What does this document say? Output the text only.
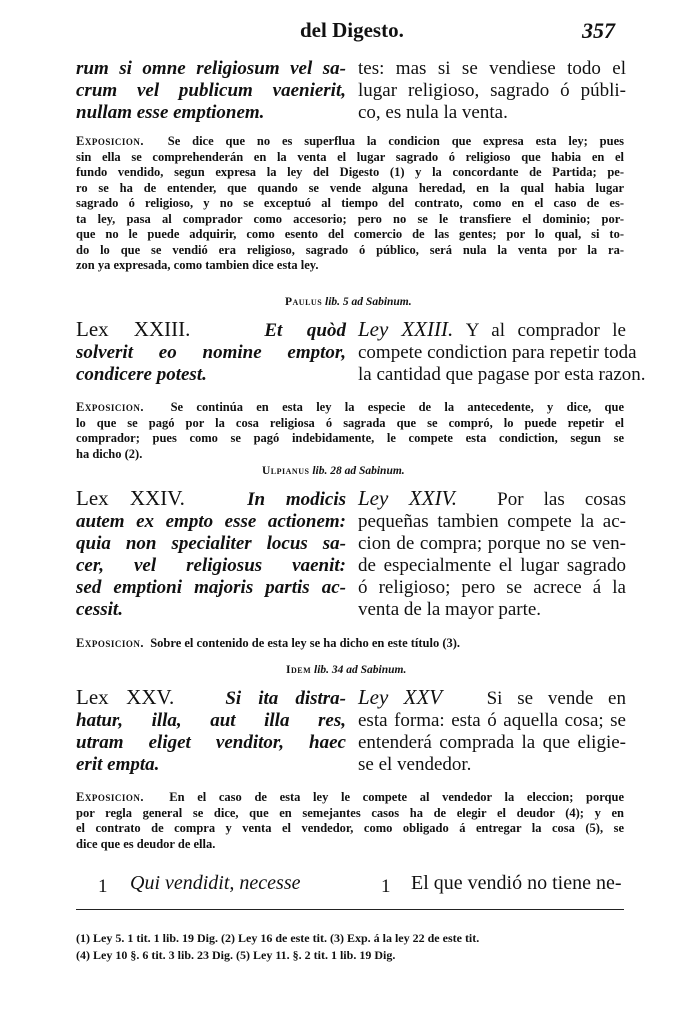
del Digesto.	357
rum si omne religiosum vel sa-
crum vel publicum vaenierit,
nullam esse emptionem.
tes: mas si se vendiese todo el
lugar religioso, sagrado ó públi-
co, es nula la venta.
Exposicion. Se dice que no es superflua la condicion que expresa esta ley; pues
sin ella se comprehenderán en la venta el lugar sagrado ó religioso que habia en el
fundo vendido, segun expresa la ley del Digesto (1) y la concordante de Partida; pe-
ro se ha de entender, que quando se vende alguna heredad, en la qual habia lugar
sagrado ó religioso, y no se exceptuó al tiempo del contrato, como en el caso de es-
ta ley, pasa al comprador como accesorio; pero no se le transfiere el dominio; por-
que no le puede adquirir, como esento del comercio de las gentes; por lo qual, si to-
do lo que se vendió era religioso, sagrado ó público, será nula la venta por la ra-
zon ya expresada, como tambien dice esta ley.
Paulus lib. 5 ad Sabinum.
Lex XXIII.	Et quòd
solverit eo nomine emptor,
condicere potest.
Ley XXIII. Y al comprador le
compete condiction para repetir toda
la cantidad que pagase por esta razon.
Exposicion. Se continúa en esta ley la especie de la antecedente, y dice, que
lo que se pagó por la cosa religiosa ó sagrada que se compró, lo puede repetir el
comprador; pues como se pagó indebidamente, le compete esta condiction, segun se
ha dicho (2).
Ulpianus lib. 28 ad Sabinum.
Lex XXIV.	In modicis
autem ex empto esse actionem:
quia non specialiter locus sa-
cer, vel religiosus vaenit:
sed emptioni majoris partis ac-
cessit.
Ley XXIV. Por las cosas
pequeñas tambien compete la ac-
cion de compra; porque no se ven-
de especialmente el lugar sagrado
ó religioso; pero se acrece á la
venta de la mayor parte.
Exposicion. Sobre el contenido de esta ley se ha dicho en este título (3).
Idem lib. 34 ad Sabinum.
Lex XXV.	Si ita distra-
hatur, illa, aut illa res,
utram eliget venditor, haec
erit empta.
Ley XXV Si se vende en
esta forma: esta ó aquella cosa; se
entenderá comprada la que eligie-
se el vendedor.
Exposicion. En el caso de esta ley le compete al vendedor la eleccion; porque
por regla general se dice, que en semejantes casos ha de elegir el deudor (4); y en
el contrato de compra y venta el vendedor, como obligado á entregar la cosa (5), se
dice que es deudor de ella.
1 Qui vendidit, necesse	1 El que vendió no tiene ne-
(1) Ley 5. 1 tit. 1 lib. 19 Dig. (2) Ley 16 de este tit. (3) Exp. á la ley 22 de este tit.
(4) Ley 10 §. 6 tit. 3 lib. 23 Dig. (5) Ley 11. §. 2 tit. 1 lib. 19 Dig.
